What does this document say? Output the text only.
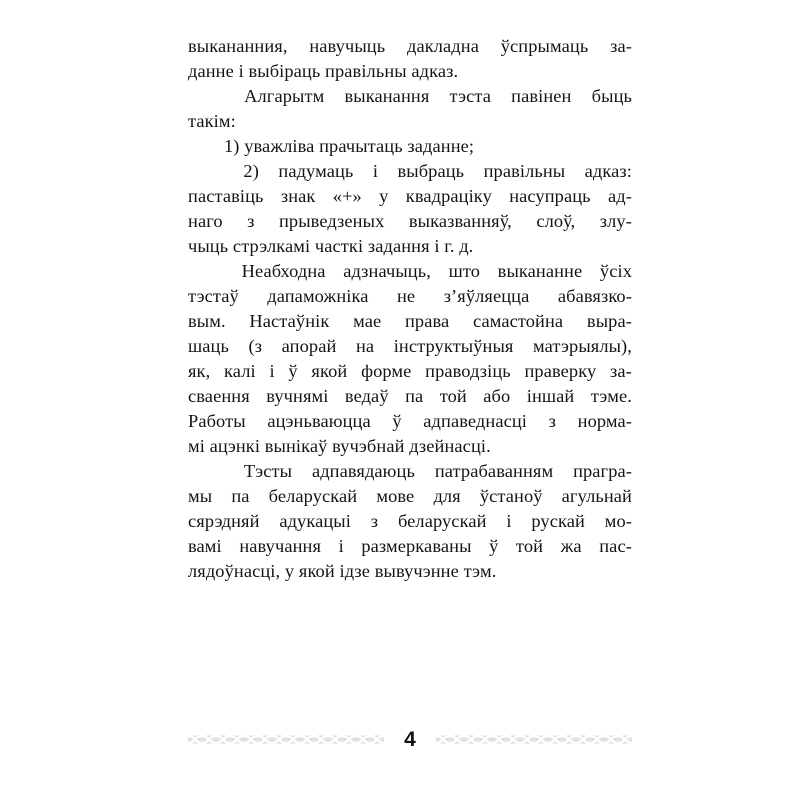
выкананния, навучыць дакладна ўспрымаць за-
данне і выбіраць правільны адказ.

Алгарытм выканання тэста павінен быць
такім:

1) уважліва прачытаць заданне;

2) падумаць і выбраць правільны адказ:
паставіць знак «+» у квадраціку насупраць ад-
наго з прыведзеных выказванняў, слоў, злу-
чыць стрэлкамі часткі задання і г. д.

Неабходна адзначыць, што выкананне ўсіх
тэстаў дапаможніка не з’яўляецца абавязко-
вым. Настаўнік мае права самастойна выра-
шаць (з апорай на інструктыўныя матэрыялы),
як, калі і ў якой форме праводзіць праверку за-
сваення вучнямі ведаў па той або іншай тэме.
Работы ацэньваюцца ў адпаведнасці з норма-
мі ацэнкі вынікаў вучэбнай дзейнасці.

Тэсты адпавядаюць патрабаванням прагра-
мы па беларускай мове для ўстаноў агульнай
сярэдняй адукацыі з беларускай і рускай мо-
вамі навучання і размеркаваны ў той жа пас-
лядоўнасці, у якой ідзе вывучэнне тэм.

4
